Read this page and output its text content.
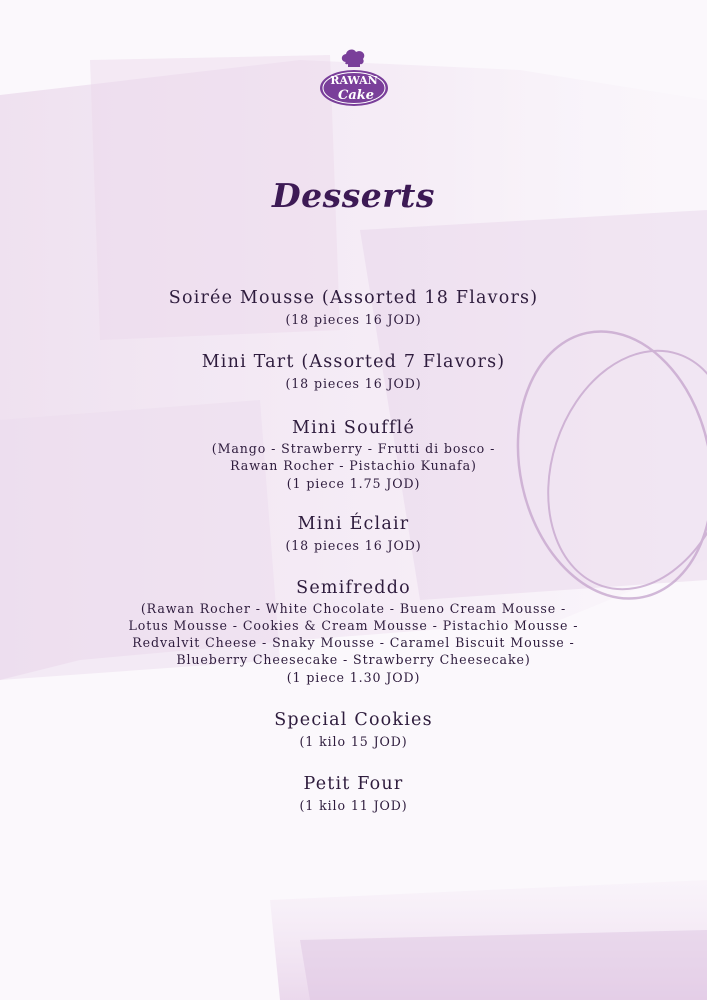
RAWAN
Cake
Desserts
Soirée Mousse (Assorted 18 Flavors)
(18 pieces 16 JOD)
Mini Tart (Assorted 7 Flavors)
(18 pieces 16 JOD)
Mini Soufflé
(Mango - Strawberry - Frutti di bosco -
Rawan Rocher - Pistachio Kunafa)
(1 piece 1.75 JOD)
Mini Éclair
(18 pieces 16 JOD)
Semifreddo
(Rawan Rocher - White Chocolate - Bueno Cream Mousse -
Lotus Mousse - Cookies & Cream Mousse - Pistachio Mousse -
Redvalvit Cheese - Snaky Mousse - Caramel Biscuit Mousse -
Blueberry Cheesecake - Strawberry Cheesecake)
(1 piece 1.30 JOD)
Special Cookies
(1 kilo 15 JOD)
Petit Four
(1 kilo 11 JOD)
